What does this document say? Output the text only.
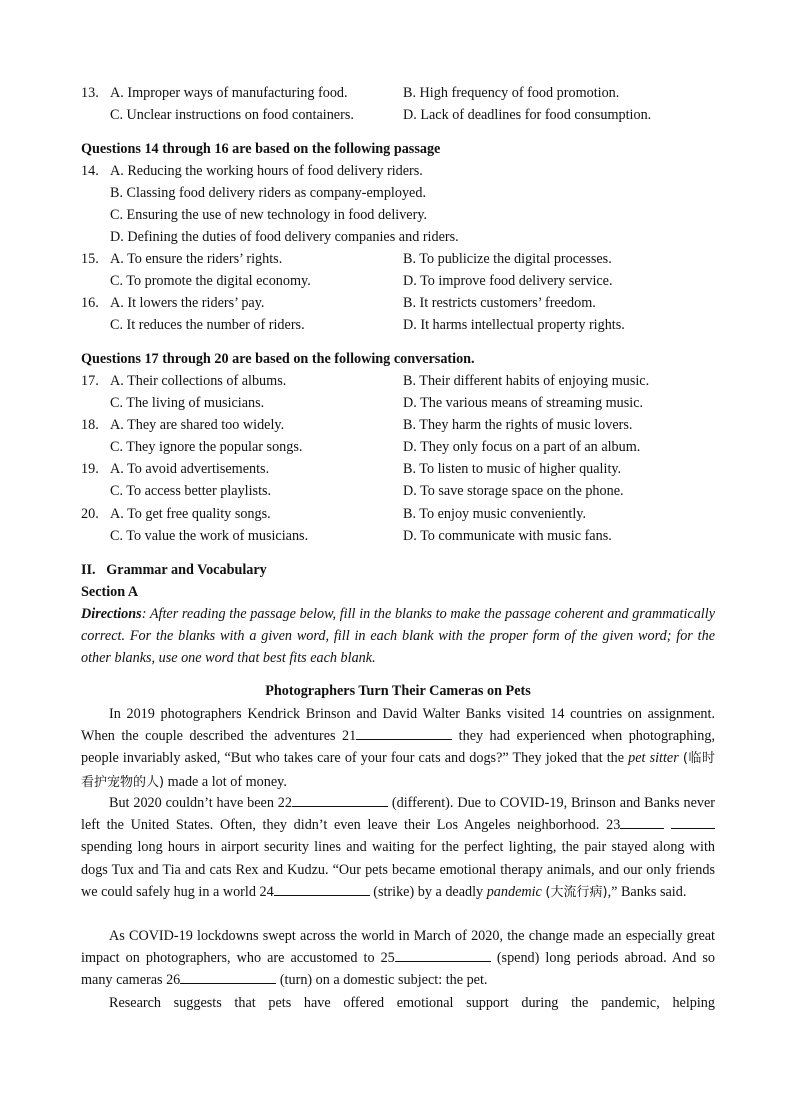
13. A. Improper ways of manufacturing food.	B. High frequency of food promotion.
C. Unclear instructions on food containers.	D. Lack of deadlines for food consumption.
Questions 14 through 16 are based on the following passage
14. A. Reducing the working hours of food delivery riders.
B. Classing food delivery riders as company-employed.
C. Ensuring the use of new technology in food delivery.
D. Defining the duties of food delivery companies and riders.
15. A. To ensure the riders’ rights.	B. To publicize the digital processes.
C. To promote the digital economy.	D. To improve food delivery service.
16. A. It lowers the riders’ pay.	B. It restricts customers’ freedom.
C. It reduces the number of riders.	D. It harms intellectual property rights.
Questions 17 through 20 are based on the following conversation.
17. A. Their collections of albums.	B. Their different habits of enjoying music.
C. The living of musicians.	D. The various means of streaming music.
18. A. They are shared too widely.	B. They harm the rights of music lovers.
C. They ignore the popular songs.	D. They only focus on a part of an album.
19. A. To avoid advertisements.	B. To listen to music of higher quality.
C. To access better playlists.	D. To save storage space on the phone.
20. A. To get free quality songs.	B. To enjoy music conveniently.
C. To value the work of musicians.	D. To communicate with music fans.
II.   Grammar and Vocabulary
Section A
Directions: After reading the passage below, fill in the blanks to make the passage coherent and grammatically correct. For the blanks with a given word, fill in each blank with the proper form of the given word; for the other blanks, use one word that best fits each blank.
Photographers Turn Their Cameras on Pets
In 2019 photographers Kendrick Brinson and David Walter Banks visited 14 countries on assignment. When the couple described the adventures 21	they had experienced when photographing, people invariably asked, “But who takes care of your four cats and dogs?” They joked that the pet sitter (临时看护宠物的人) made a lot of money.
But 2020 couldn’t have been 22	(different). Due to COVID-19, Brinson and Banks never left the United States. Often, they didn’t even leave their Los Angeles neighborhood. 23  spending long hours in airport security lines and waiting for the perfect lighting, the pair stayed along with dogs Tux and Tia and cats Rex and Kudzu. “Our pets became emotional therapy animals, and our only friends we could safely hug in a world 24	(strike) by a deadly pandemic (大流行病),” Banks said.
As COVID-19 lockdowns swept across the world in March of 2020, the change made an especially great impact on photographers, who are accustomed to 25	(spend) long periods abroad. And so many cameras 26	(turn) on a domestic subject: the pet.
Research suggests that pets have offered emotional support during the pandemic, helping
